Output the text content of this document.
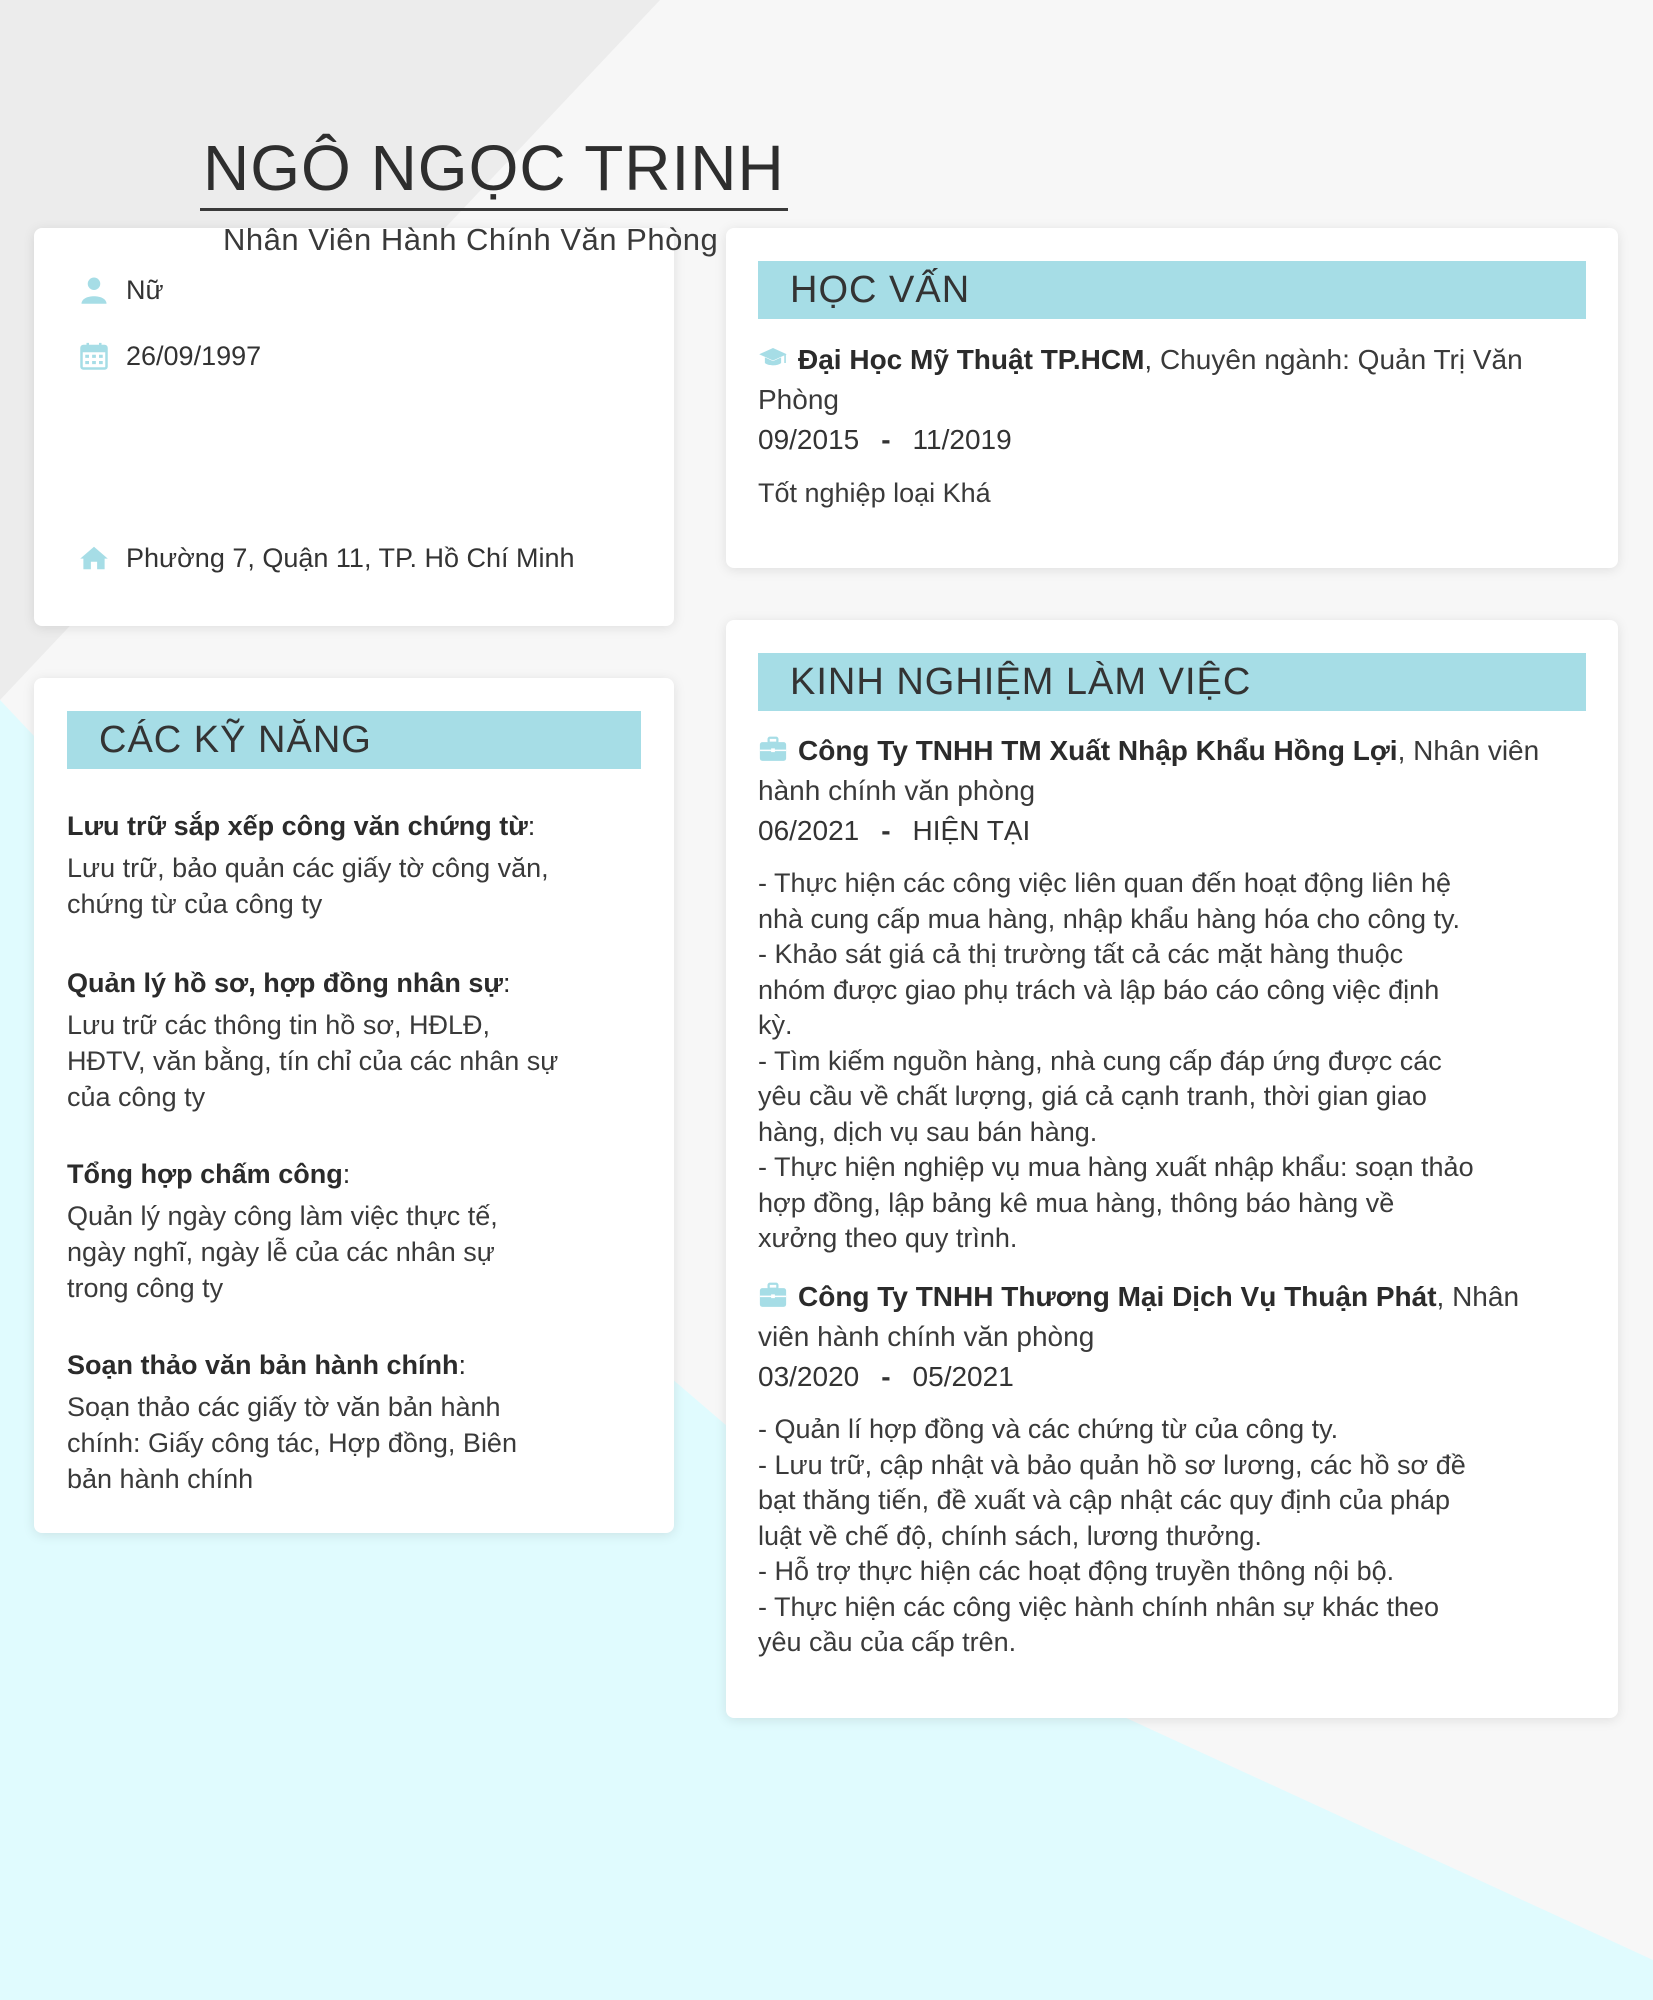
NGÔ NGỌC TRINH
Nhân Viên Hành Chính Văn Phòng
Nữ
26/09/1997
Phường 7, Quận 11, TP. Hồ Chí Minh
CÁC KỸ NĂNG
Lưu trữ sắp xếp công văn chứng từ:
Lưu trữ, bảo quản các giấy tờ công văn,
chứng từ của công ty
Quản lý hồ sơ, hợp đồng nhân sự:
Lưu trữ các thông tin hồ sơ, HĐLĐ,
HĐTV, văn bằng, tín chỉ của các nhân sự
của công ty
Tổng hợp chấm công:
Quản lý ngày công làm việc thực tế,
ngày nghĩ, ngày lễ của các nhân sự
trong công ty
Soạn thảo văn bản hành chính:
Soạn thảo các giấy tờ văn bản hành
chính: Giấy công tác, Hợp đồng, Biên
bản hành chính
HỌC VẤN
Đại Học Mỹ Thuật TP.HCM, Chuyên ngành: Quản Trị Văn
Phòng
09/2015 - 11/2019
Tốt nghiệp loại Khá
KINH NGHIỆM LÀM VIỆC
Công Ty TNHH TM Xuất Nhập Khẩu Hồng Lợi, Nhân viên
hành chính văn phòng
06/2021 - HIỆN TẠI
- Thực hiện các công việc liên quan đến hoạt động liên hệ
nhà cung cấp mua hàng, nhập khẩu hàng hóa cho công ty.
- Khảo sát giá cả thị trường tất cả các mặt hàng thuộc
nhóm được giao phụ trách và lập báo cáo công việc định
kỳ.
- Tìm kiếm nguồn hàng, nhà cung cấp đáp ứng được các
yêu cầu về chất lượng, giá cả cạnh tranh, thời gian giao
hàng, dịch vụ sau bán hàng.
- Thực hiện nghiệp vụ mua hàng xuất nhập khẩu: soạn thảo
hợp đồng, lập bảng kê mua hàng, thông báo hàng về
xưởng theo quy trình.
Công Ty TNHH Thương Mại Dịch Vụ Thuận Phát, Nhân
viên hành chính văn phòng
03/2020 - 05/2021
- Quản lí hợp đồng và các chứng từ của công ty.
- Lưu trữ, cập nhật và bảo quản hồ sơ lương, các hồ sơ đề
bạt thăng tiến, đề xuất và cập nhật các quy định của pháp
luật về chế độ, chính sách, lương thưởng.
- Hỗ trợ thực hiện các hoạt động truyền thông nội bộ.
- Thực hiện các công việc hành chính nhân sự khác theo
yêu cầu của cấp trên.
